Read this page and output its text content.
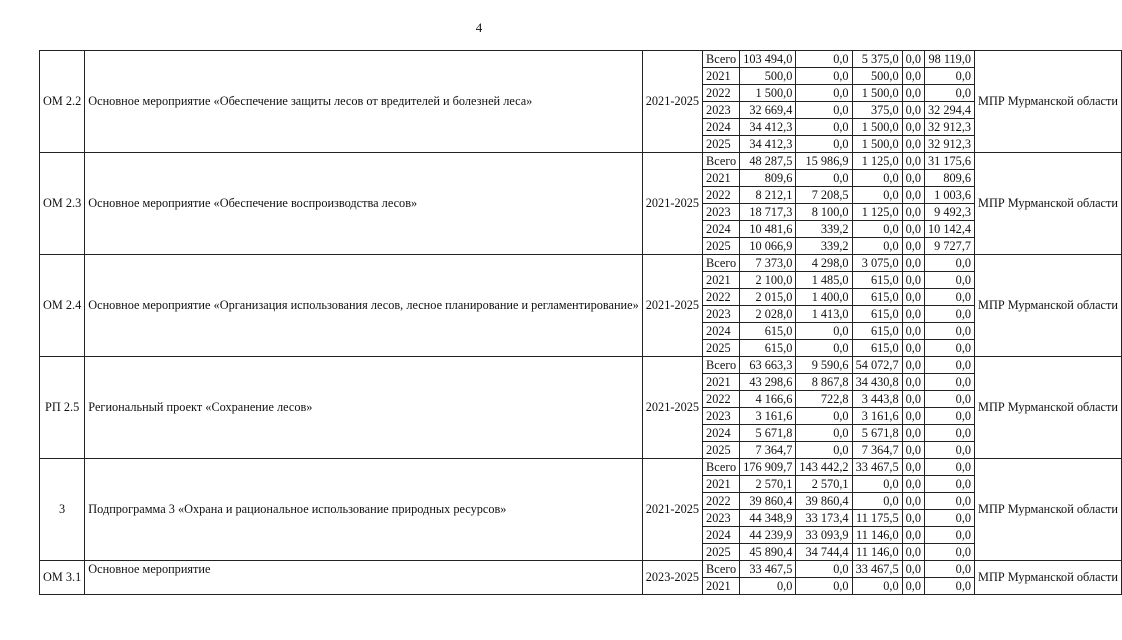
4
ОМ 2.2	Основное мероприятие «Обеспечение защиты лесов от вредителей и болезней леса»	2021-2025	Всего	103 494,0	0,0	5 375,0	0,0	98 119,0	МПР Мурманской области
			2021	500,0	0,0	500,0	0,0	0,0	
			2022	1 500,0	0,0	1 500,0	0,0	0,0	
			2023	32 669,4	0,0	375,0	0,0	32 294,4	
			2024	34 412,3	0,0	1 500,0	0,0	32 912,3	
			2025	34 412,3	0,0	1 500,0	0,0	32 912,3	
ОМ 2.3	Основное мероприятие «Обеспечение воспроизводства лесов»	2021-2025	Всего	48 287,5	15 986,9	1 125,0	0,0	31 175,6	МПР Мурманской области
			2021	809,6	0,0	0,0	0,0	809,6	
			2022	8 212,1	7 208,5	0,0	0,0	1 003,6	
			2023	18 717,3	8 100,0	1 125,0	0,0	9 492,3	
			2024	10 481,6	339,2	0,0	0,0	10 142,4	
			2025	10 066,9	339,2	0,0	0,0	9 727,7	
ОМ 2.4	Основное мероприятие «Организация использования лесов, лесное планирование и регламентирование»	2021-2025	Всего	7 373,0	4 298,0	3 075,0	0,0	0,0	МПР Мурманской области
			2021	2 100,0	1 485,0	615,0	0,0	0,0	
			2022	2 015,0	1 400,0	615,0	0,0	0,0	
			2023	2 028,0	1 413,0	615,0	0,0	0,0	
			2024	615,0	0,0	615,0	0,0	0,0	
			2025	615,0	0,0	615,0	0,0	0,0	
РП 2.5	Региональный проект «Сохранение лесов»	2021-2025	Всего	63 663,3	9 590,6	54 072,7	0,0	0,0	МПР Мурманской области
			2021	43 298,6	8 867,8	34 430,8	0,0	0,0	
			2022	4 166,6	722,8	3 443,8	0,0	0,0	
			2023	3 161,6	0,0	3 161,6	0,0	0,0	
			2024	5 671,8	0,0	5 671,8	0,0	0,0	
			2025	7 364,7	0,0	7 364,7	0,0	0,0	
3	Подпрограмма 3 «Охрана и рациональное использование природных ресурсов»	2021-2025	Всего	176 909,7	143 442,2	33 467,5	0,0	0,0	МПР Мурманской области
			2021	2 570,1	2 570,1	0,0	0,0	0,0	
			2022	39 860,4	39 860,4	0,0	0,0	0,0	
			2023	44 348,9	33 173,4	11 175,5	0,0	0,0	
			2024	44 239,9	33 093,9	11 146,0	0,0	0,0	
			2025	45 890,4	34 744,4	11 146,0	0,0	0,0	
ОМ 3.1	Основное мероприятие	2023-2025	Всего	33 467,5	0,0	33 467,5	0,0	0,0	МПР Мурманской области
			2021	0,0	0,0	0,0	0,0	0,0	
